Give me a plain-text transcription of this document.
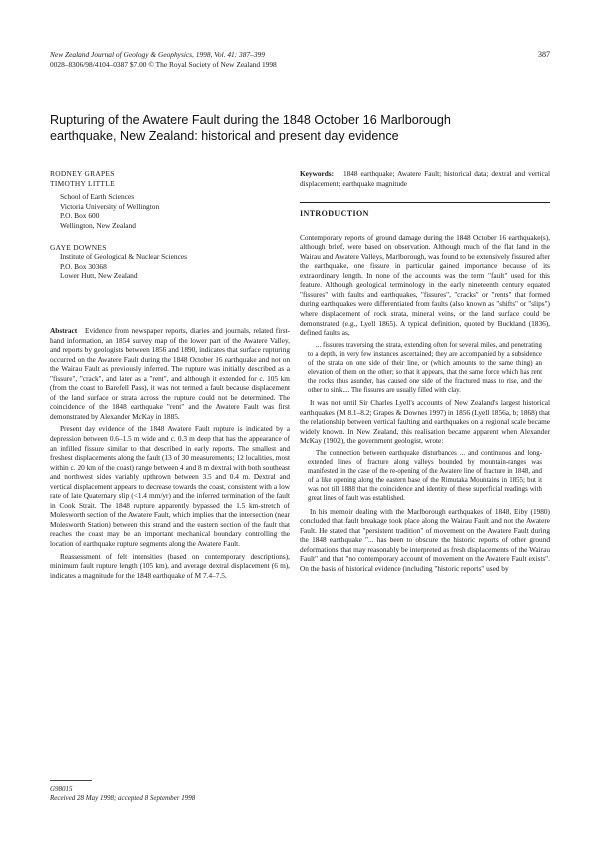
New Zealand Journal of Geology & Geophysics, 1998, Vol. 41: 387–399
0028–8306/98/4104–0387 $7.00 © The Royal Society of New Zealand 1998
387
Rupturing of the Awatere Fault during the 1848 October 16 Marlborough earthquake, New Zealand: historical and present day evidence
RODNEY GRAPES
TIMOTHY LITTLE
School of Earth Sciences
Victoria University of Wellington
P.O. Box 600
Wellington, New Zealand
GAYE DOWNES
Institute of Geological & Nuclear Sciences
P.O. Box 30368
Lower Hutt, New Zealand

Abstract Evidence from newspaper reports, diaries and journals, related first-hand information, an 1854 survey map of the lower part of the Awatere Valley, and reports by geologists between 1856 and 1890, indicates that surface rupturing occurred on the Awatere Fault during the 1848 October 16 earthquake and not on the Wairau Fault as previously inferred. The rupture was initially described as a "fissure", "crack", and later as a "rent", and although it extended for c. 105 km (from the coast to Barefell Pass), it was not termed a fault because displacement of the land surface or strata across the rupture could not be determined. The coincidence of the 1848 earthquake "rent" and the Awatere Fault was first demonstrated by Alexander McKay in 1885.

Present day evidence of the 1848 Awatere Fault rupture is indicated by a depression between 0.6–1.5 m wide and c. 0.3 m deep that has the appearance of an infilled fissure similar to that described in early reports. The smallest and freshest displacements along the fault (13 of 30 measurements; 12 localities, most within c. 20 km of the coast) range between 4 and 8 m dextral with both southeast and northwest sides variably upthrown between 3.5 and 0.4 m. Dextral and vertical displacement appears to decrease towards the coast, consistent with a low rate of late Quaternary slip (<1.4 mm/yr) and the inferred termination of the fault in Cook Strait. The 1848 rupture apparently bypassed the 1.5 km-stretch of Molesworth section of the Awatere Fault, which implies that the intersection (near Molesworth Station) between this strand and the eastern section of the fault that reaches the coast may be an important mechanical boundary controlling the location of earthquake rupture segments along the Awatere Fault.

Reassessment of felt intensities (based on contemporary descriptions), minimum fault rupture length (105 km), and average dextral displacement (6 m), indicates a magnitude for the 1848 earthquake of M 7.4–7.5.

G98015
Received 28 May 1998; accepted 8 September 1998
Keywords: 1848 earthquake; Awatere Fault; historical data; dextral and vertical displacement; earthquake magnitude
INTRODUCTION

Contemporary reports of ground damage during the 1848 October 16 earthquake(s), although brief, were based on observation. Although much of the flat land in the Wairau and Awatere Valleys, Marlborough, was found to be extensively fissured after the earthquake, one fissure in particular gained importance because of its extraordinary length. In none of the accounts was the term "fault" used for this feature. Although geological terminology in the early nineteenth century equated "fissures" with faults and earthquakes, "fissures", "cracks" or "rents" that formed during earthquakes were differentiated from faults (also known as "shifts" or "slips") where displacement of rock strata, mineral veins, or the land surface could be demonstrated (e.g., Lyell 1865). A typical definition, quoted by Buckland (1836), defined faults as,

... fissures traversing the strata, extending often for several miles, and penetrating to a depth, in very few instances ascertained; they are accompanied by a subsidence of the strata on one side of their line, or (which amounts to the same thing) an elevation of them on the other; so that it appears, that the same force which has rent the rocks thus asunder, has caused one side of the fractured mass to rise, and the other to sink.... The fissures are usually filled with clay.

It was not until Sir Charles Lyell's accounts of New Zealand's largest historical earthquakes (M 8.1–8.2; Grapes & Downes 1997) in 1856 (Lyell 1856a, b; 1868) that the relationship between vertical faulting and earthquakes on a regional scale became widely known. In New Zealand, this realisation became apparent when Alexander McKay (1902), the government geologist, wrote:

The connection between earthquake disturbances ... and continuous and long-extended lines of fracture along valleys bounded by mountain-ranges was manifested in the case of the re-opening of the Awatere line of fracture in 1848, and of a like opening along the eastern base of the Rimutaka Mountains in 1855; but it was not till 1888 that the coincidence and identity of these superficial readings with great lines of fault was established.

In his memoir dealing with the Marlborough earthquakes of 1848, Eiby (1980) concluded that fault breakage took place along the Wairau Fault and not the Awatere Fault. He stated that "persistent tradition" of movement on the Awatere Fault during the 1848 earthquake "... has been to obscure the historic reports of other ground deformations that may reasonably be interpreted as fresh displacements of the Wairau Fault" and that "no contemporary account of movement on the Awatere Fault exists". On the basis of historical evidence (including "historic reports" used by
